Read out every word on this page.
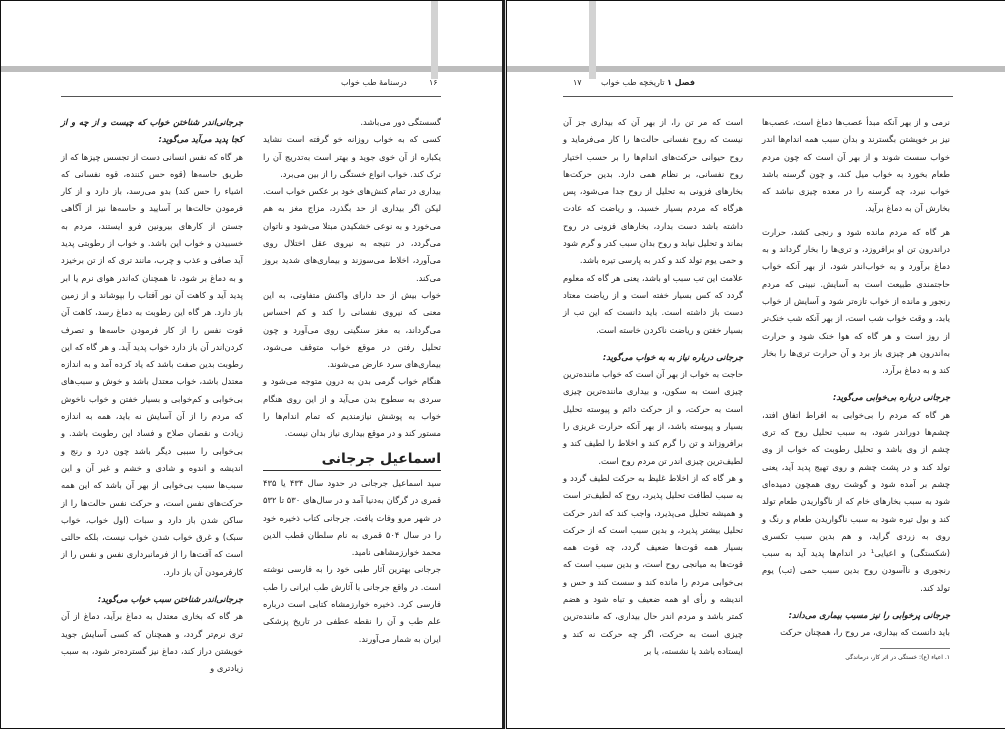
درسنامهٔ طب خواب	۱۶

گسستگی دور می‌باشد.

کسی که به خواب روزانه خو گرفته است نشاید یکباره از آن خوی جوید و بهتر است به‌تدریج آن را ترک کند. خواب انواع خستگی را از بین می‌برد.

بیداری در تمام کنش‌های خود بر عکس خواب است. لیکن اگر بیداری از حد بگذرد، مزاج مغز به هم می‌خورد و به نوعی خشکیدن مبتلا می‌شود و ناتوان می‌گردد، در نتیجه به نیروی عقل اختلال روی می‌آورد، اخلاط می‌سوزند و بیماری‌های شدید بروز می‌کند.

خواب بیش از حد دارای واکنش متفاوتی، به این معنی که نیروی نفسانی را کند و کم احساس می‌گرداند، به مغز سنگینی روی می‌آورد و چون تحلیل رفتن در موقع خواب متوقف می‌شود، بیماری‌های سرد عارض می‌شوند.

هنگام خواب گرمی بدن به درون متوجه می‌شود و سردی به سطوح بدن می‌آید و از این روی هنگام خواب به پوشش نیازمندیم که تمام اندام‌ها را مستور کند و در موقع بیداری نیاز بدان نیست.

اسماعیل جرجانی

سید اسماعیل جرجانی در حدود سال ۴۳۴ یا ۴۳۵ قمری در گرگان به‌دنیا آمد و در سال‌های ۵۳۰ تا ۵۳۲ در شهر مرو وفات یافت. جرجانی کتاب ذخیره خود را در سال ۵۰۴ قمری به نام سلطان قطب الدین محمد خوارزمشاهی نامید.

جرجانی بهترین آثار طبی خود را به فارسی نوشته است. در واقع جرجانی با آثارش طب ایرانی را طب فارسی کرد. ذخیره خوارزمشاه کتابی است درباره علم طب و آن را نقطه عطفی در تاریخ پزشکی ایران به شمار می‌آورند.

جرجانی‌اندر شناختن خواب که چیست و از چه و از کجا پدید می‌آید می‌گوید:

هر گاه که نفس انسانی دست از تجسس چیزها که از طریق حاسه‌ها (قوه حس کننده، قوه نفسانی که اشیاء را حس کند) بدو می‌رسد، باز دارد و از کار فرمودن حالت‌ها بر آسایید و حاسه‌ها نیز از آگاهی جستن از کارهای بیرونین فرو ایستند، مردم به خسبیدن و خواب این باشد. و خواب از رطوبتی پدید آید صافی و عذب و چرب، مانند تری که از تن برخیزد و به دماغ بر شود، تا همچنان که‌اندر هوای نرم یا ابر پدید آید و کاهت آن نور آفتاب را بپوشاند و از زمین باز دارد. هر گاه این رطوبت به دماغ رسد، کاهت آن قوت نفس را از کار فرمودن حاسه‌ها و تصرف کردن‌اندر آن باز دارد خواب پدید آید. و هر گاه که این رطوبت بدین صفت باشد که یاد کرده آمد و به اندازه معتدل باشد، خواب معتدل باشد و خوش و سبب‌های بی‌خوابی و کم‌خوابی و بسیار خفتن و خواب ناخوش که مردم را از آن آسایش نه باید، همه به اندازه زیادت و نقصان صلاح و فساد این رطوبت باشد. و بی‌خوابی را سببی دیگر باشد چون درد و رنج و اندیشه و اندوه و شادی و خشم و غیر آن و این سبب‌ها سبب بی‌خوابی از بهر آن باشد که این همه حرکت‌های نفس است، و حرکت نفس حالت‌ها را از ساکن شدن باز دارد و سبات (اول خواب، خواب سبک) و غرق خواب شدن خواب نیست، بلکه حالتی است که آفت‌ها را از فرمانبرداری نفس و نفس را از کارفرمودن آن‌ باز دارد.

جرجانی‌اندر شناختن سبب خواب می‌گوید:

هر گاه که بخاری معتدل به دماغ برآید، دماغ از آن تری نرم‌تر گردد، و همچنان که کسی آسایش جوید خویشتن دراز کند، دماغ نیز گسترده‌تر شود، به سبب زیادتری و

۱۷ تاریخچه طب خواب فصل ۱

است که مر تن را، از بهر آن که بیداری جز آن نیست که روح نفسانی حالت‌ها را کار می‌فرماید و روح حیوانی حرکت‌های اندام‌ها را بر حسب اختیار روح نفسانی، بر نظام همی دارد. بدین حرکت‌ها بخارهای فزونی به تحلیل از روح جدا می‌شود، پس هرگاه که مردم بسیار خسبد، و ریاضت که عادت داشته باشد دست بدارد، بخارهای فزونی در روح بماند و تحلیل نیابد و روح بدان سبب کدر و گرم شود و حمی یوم تولد کند و کدر به پارسی تیره باشد.

علامت این تب سبب او باشد، یعنی هر گاه که معلوم گردد که کس بسیار خفته است و از ریاضت معتاد دست باز داشته است. باید دانست که این تب از بسیار خفتن و ریاضت ناکردن خاسته است.

جرجانی درباره نیاز به به خواب می‌گوید:

حاجت به خواب از بهر آن است که خواب ماننده‌ترین چیزی است به سکون، و بیداری ماننده‌ترین چیزی است به حرکت، و از حرکت دائم و پیوسته تحلیل بسیار و پیوسته باشد، از بهر آنکه حرارت غریزی را برافروزاند و تن را گرم کند و اخلاط را لطیف کند و لطیف‌ترین چیزی اندر تن مردم روح است.

و هر گاه که از اخلاط غلیظ به حرکت لطیف گردد و به سبب لطافت تحلیل پذیرد، روح که لطیف‌تر است و همیشه تحلیل می‌پذیرد، واجب کند که اندر حرکت تحلیل بیشتر پذیرد، و بدین سبب است که از حرکت بسیار همه قوت‌ها ضعیف گردد، چه قوت همه قوت‌ها به میانجی روح است، و بدین سبب است که بی‌خوابی مردم را مانده کند و سست کند و حس و اندیشه و رأی او همه ضعیف و تباه شود و هضم کمتر باشد و مردم اندر حال بیداری، که ماننده‌ترین چیزی است به حرکت، اگر چه حرکت نه کند و ایستاده باشد یا نشسته، یا بر

نرمی و از بهر آنکه مبدأ عصب‌ها دماغ است، عصب‌ها نیز بر خویشتن بگسترند و بدان سبب همه اندام‌ها اندر خواب سست شوند و از بهر آن است که چون مردم طعام بخورد به خواب میل کند، و چون گرسنه باشد خواب نبرد، چه گرسنه را در معده چیزی نباشد که بخارش آن به دماغ برآید.

هر گاه که مردم مانده شود و رنجی کشد، حرارت در‌اندرون تن او برافروزد، و تری‌ها را بخار گرداند و به دماغ برآورد و به خواب‌اندر شود، از بهر آنکه خواب حاجتمندی طبیعت است به آسایش. نبینی که مردم رنجور و مانده از خواب تازه‌تر شود و آسایش از خواب یابد، و وقت خواب شب است، از بهر آنکه شب خنک‌تر از روز است و هر گاه که هوا خنک شود و حرارت به‌اندرون هر چیزی باز برد و آن حرارت تری‌ها را بخار کند و به دماغ برآرد.

جرجانی درباره بی‌خوابی می‌گوید:

هر گاه که مردم را بی‌خوابی به افراط اتفاق افتد، چشم‌ها دوراندر شود، به سبب تحلیل روح که تری چشم از وی باشد و تحلیل رطوبت که خواب از وی تولد کند و در پشت چشم و روی تهیج پدید آید، یعنی چشم بر آمده شود و گوشت روی همچون دمیده‌ای شود به سبب بخارهای خام که از ناگواریدن طعام تولد کند و بول تیره شود به سبب ناگواریدن طعام و رنگ و روی به زردی گراید، و هم بدین سبب تکسری (شکستگی) و اعیایی¹ در اندام‌ها پدید آید به سبب رنجوری و ناآسودن روح بدین سبب حمی (تب) یوم تولد کند.

جرجانی پرخوابی را نیز مسبب بیماری می‌داند:

باید دانست که بیداری، مر روح را، همچنان حرکت

۱. اعیاء (ع): خستگی در اثر کار، درماندگی
